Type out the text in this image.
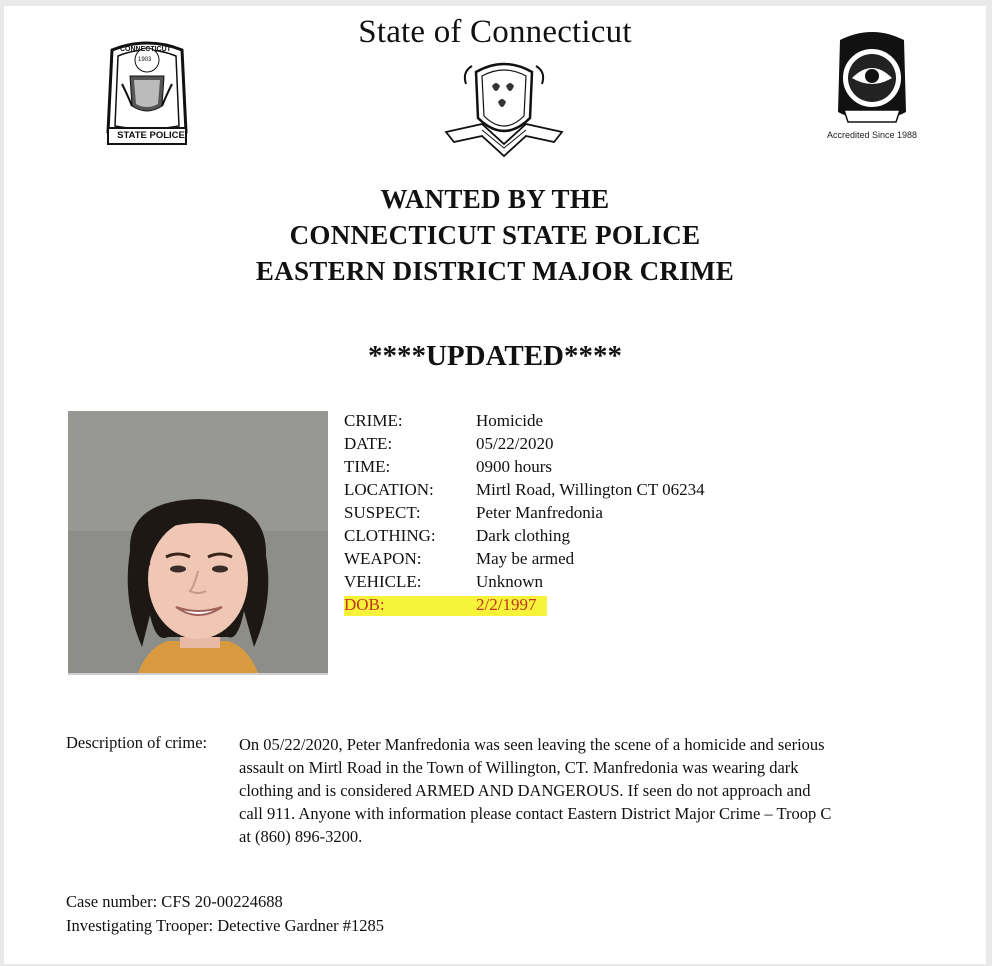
State of Connecticut
CONNECTICUT
1903
STATE POLICE	Accredited Since 1988
WANTED BY THE
CONNECTICUT STATE POLICE
EASTERN DISTRICT MAJOR CRIME
****UPDATED****
CRIME:	Homicide
DATE:	05/22/2020
TIME:	0900 hours
LOCATION: Mirtl Road, Willington CT 06234
SUSPECT:	Peter Manfredonia
CLOTHING: Dark clothing
WEAPON:	May be armed
VEHICLE:	Unknown
DOB:	2/2/1997
Description of crime: On 05/22/2020, Peter Manfredonia was seen leaving the scene of a homicide and serious
assault on Mirtl Road in the Town of Willington, CT. Manfredonia was wearing dark
clothing and is considered ARMED AND DANGEROUS. If seen do not approach and
call 911. Anyone with information please contact Eastern District Major Crime – Troop C
at (860) 896-3200.
Case number: CFS 20-00224688
Investigating Trooper: Detective Gardner #1285
